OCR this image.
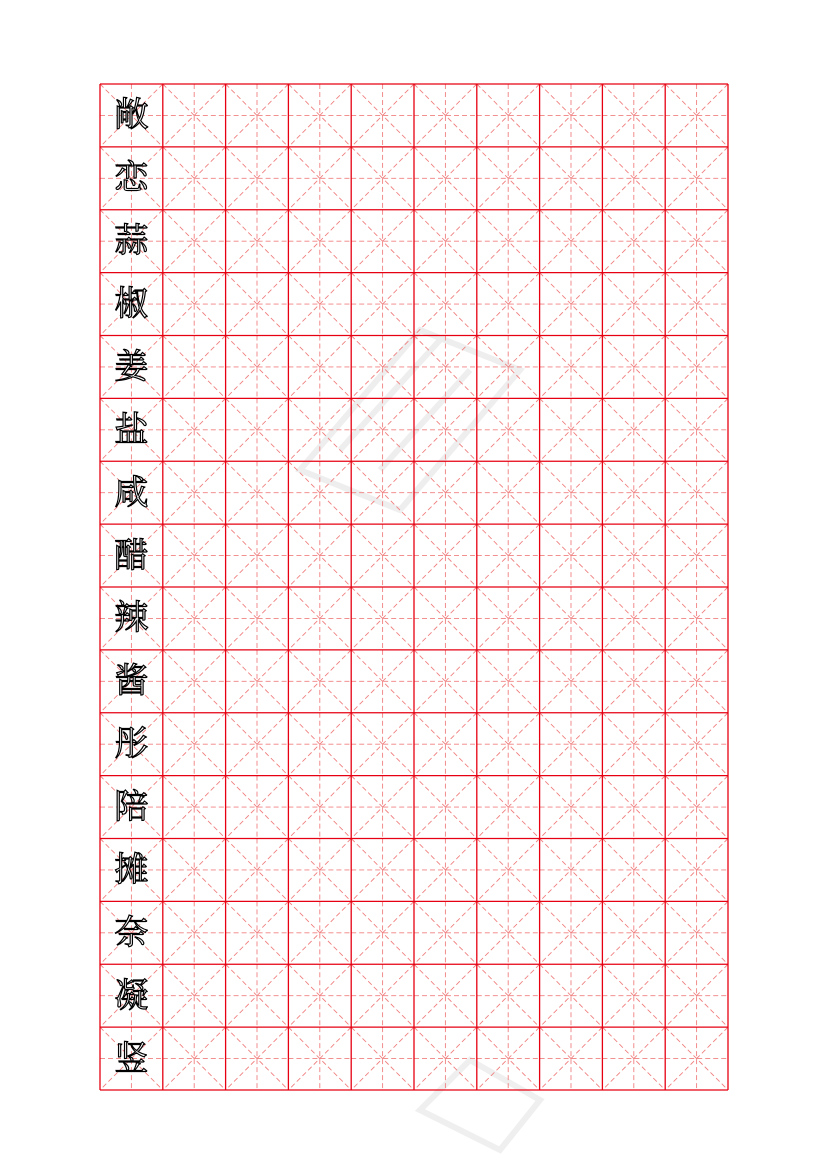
敞
恋
蒜
椒
姜
盐
咸
醋
辣
酱
彤
陪
摊
奈
凝
竖
